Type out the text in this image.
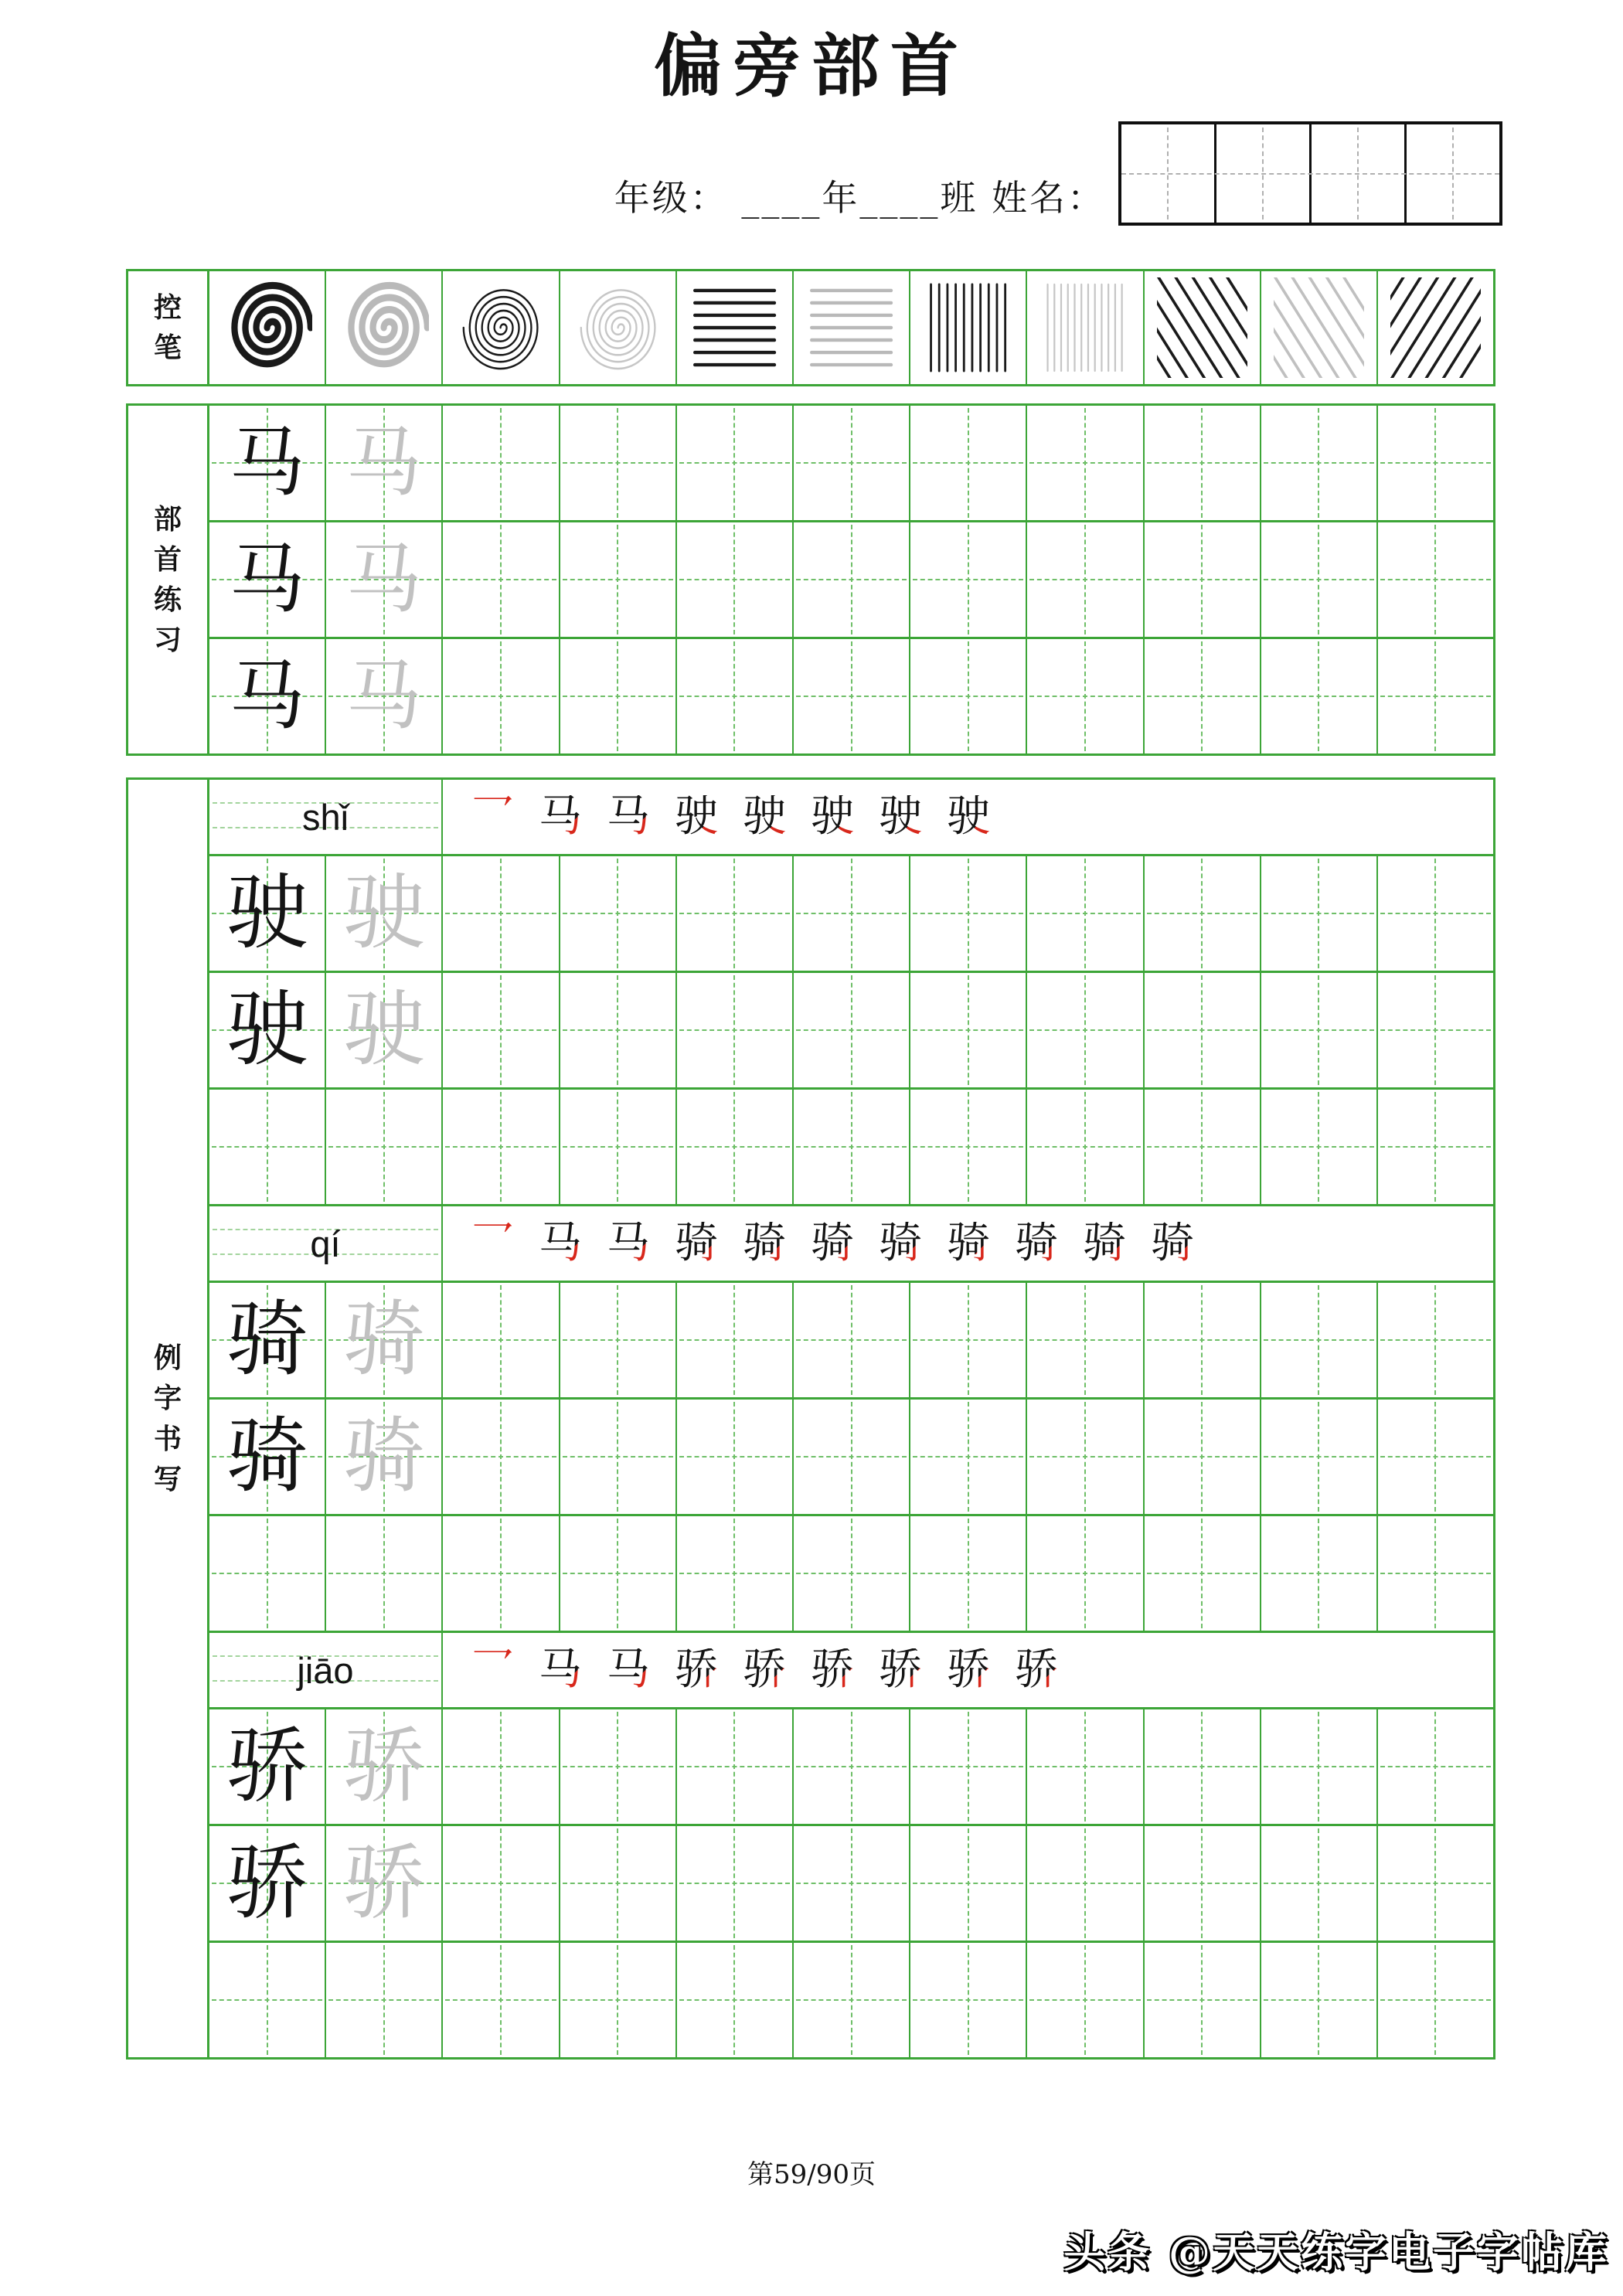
偏旁部首
年级： ____年____班 姓名：
控
笔
部
首
练
习
马 马
马 马
马 马
例
字
书
写
shǐ	乛 马 马 驶 驶 驶 驶 驶
驶 驶
驶 驶
qí	乛 马 马 骑 骑 骑 骑 骑 骑 骑 骑
骑 骑
骑 骑
jiāo	乛 马 马 骄 骄 骄 骄 骄 骄
骄 骄
骄 骄
第59/90页
头条 @天天练字电子字帖库
